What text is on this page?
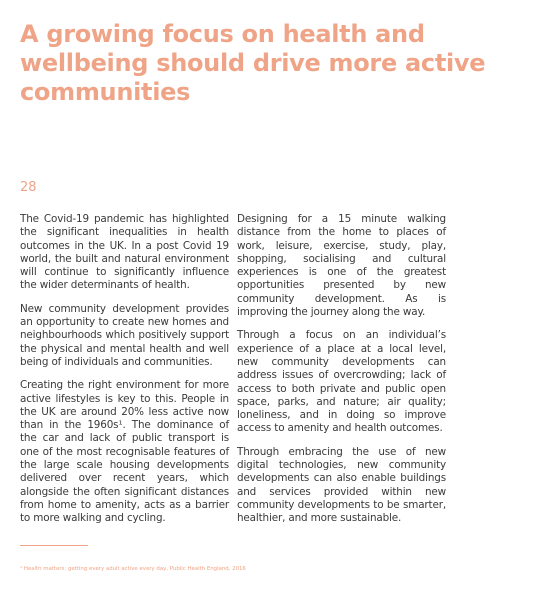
A growing focus on health and wellbeing should drive more active communities
28

The Covid-19 pandemic has highlighted the significant inequalities in health outcomes in the UK. In a post Covid 19 world, the built and natural environment will continue to significantly influence the wider determinants of health.

New community development provides an opportunity to create new homes and neighbourhoods which positively support the physical and mental health and well being of individuals and communities.

Creating the right environment for more active lifestyles is key to this. People in the UK are around 20% less active now than in the 1960s¹. The dominance of the car and lack of public transport is one of the most recognisable features of the large scale housing developments delivered over recent years, which alongside the often significant distances from home to amenity, acts as a barrier to more walking and cycling.

Designing for a 15 minute walking distance from the home to places of work, leisure, exercise, study, play, shopping, socialising and cultural experiences is one of the greatest opportunities presented by new community development. As is improving the journey along the way.

Through a focus on an individual’s experience of a place at a local level, new community developments can address issues of overcrowding; lack of access to both private and public open space, parks, and nature; air quality; loneliness, and in doing so improve access to amenity and health outcomes.

Through embracing the use of new digital technologies, new community developments can also enable buildings and services provided within new community developments to be smarter, healthier, and more sustainable.

¹ Health matters: getting every adult active every day, Public Health England, 2016
